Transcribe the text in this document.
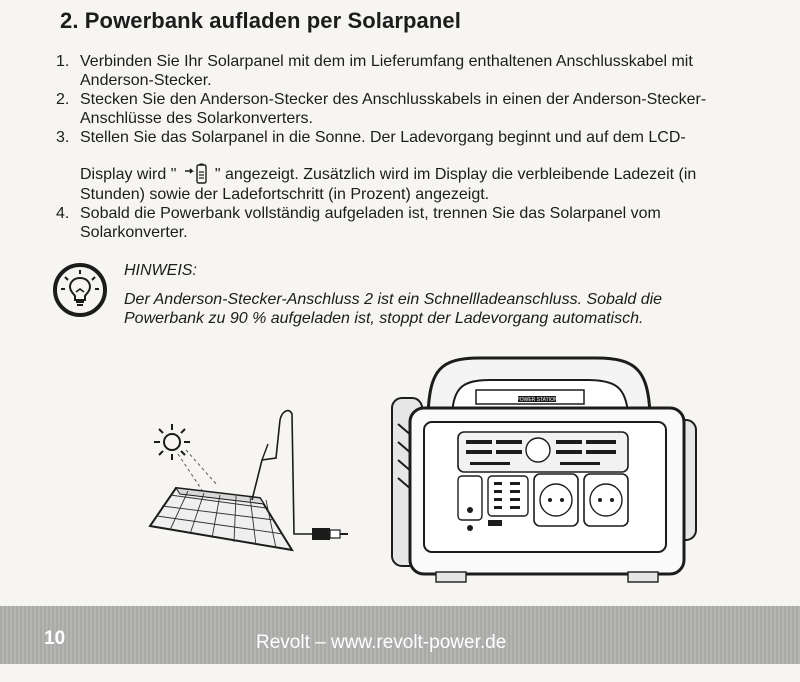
2. Powerbank aufladen per Solarpanel
1. Verbinden Sie Ihr Solarpanel mit dem im Lieferumfang enthaltenen Anschlusskabel mit Anderson-Stecker.
2. Stecken Sie den Anderson-Stecker des Anschlusskabels in einen der Anderson-Stecker-Anschlüsse des Solarkonverters.
3. Stellen Sie das Solarpanel in die Sonne. Der Ladevorgang beginnt und auf dem LCD-
Display wird " " angezeigt. Zusätzlich wird im Display die verbleibende Ladezeit (in Stunden) sowie der Ladefortschritt (in Prozent) angezeigt.
4. Sobald die Powerbank vollständig aufgeladen ist, trennen Sie das Solarpanel vom Solarkonverter.
HINWEIS:
Der Anderson-Stecker-Anschluss 2 ist ein Schnellladeanschluss. Sobald die Powerbank zu 90 % aufgeladen ist, stoppt der Ladevorgang automatisch.
POWER STATION
10	Revolt – www.revolt-power.de
